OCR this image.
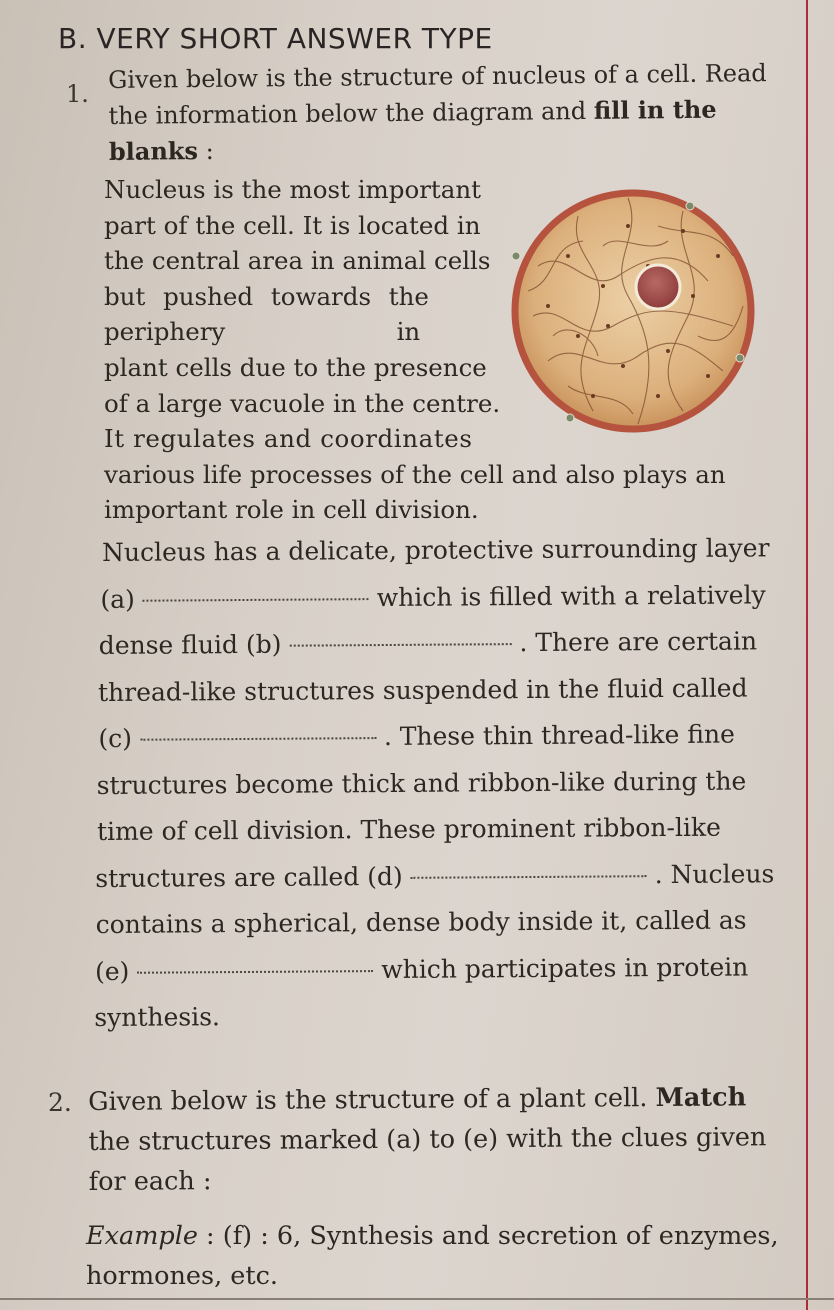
B. VERY SHORT ANSWER TYPE
1.
Given below is the structure of nucleus of a cell. Read
the information below the diagram and fill in the
blanks :
Nucleus is the most important
part of the cell. It is located in
the central area in animal cells
but pushed towards the
periphery                      in
plant cells due to the presence
of a large vacuole in the centre.
It regulates and coordinates
various life processes of the cell and also plays an
important role in cell division.
Nucleus has a delicate, protective surrounding layer
(a)	which is filled with a relatively
dense fluid (b)	. There are certain
thread-like structures suspended in the fluid called
(c)	. These thin thread-like fine
structures become thick and ribbon-like during the
time of cell division. These prominent ribbon-like
structures are called (d)	. Nucleus
contains a spherical, dense body inside it, called as
(e)	which participates in protein
synthesis.
2. Given below is the structure of a plant cell. Match
the structures marked (a) to (e) with the clues given
for each :
Example : (f) : 6, Synthesis and secretion of enzymes,
hormones, etc.
